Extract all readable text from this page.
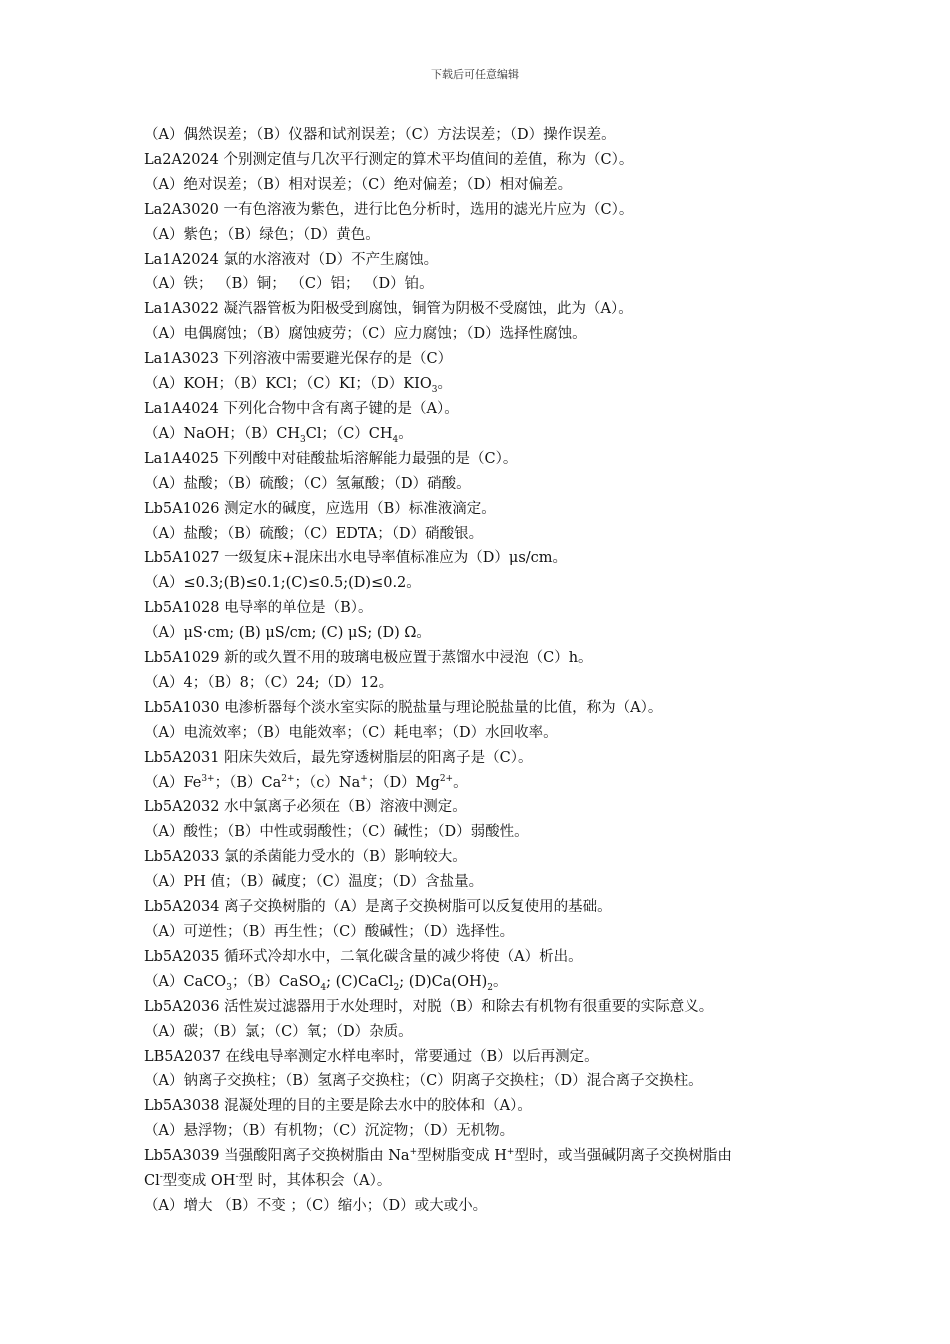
下载后可任意编辑
（A）偶然误差；（B）仪器和试剂误差；（C）方法误差；（D）操作误差。
La2A2024 个别测定值与几次平行测定的算术平均值间的差值，称为（C）。
（A）绝对误差；（B）相对误差；（C）绝对偏差；（D）相对偏差。
La2A3020 一有色溶液为紫色，进行比色分析时，选用的滤光片应为（C）。
（A）紫色；（B）绿色；（D）黄色。
La1A2024 氯的水溶液对（D）不产生腐蚀。
（A）铁； （B）铜； （C）铝； （D）铂。
La1A3022 凝汽器管板为阳极受到腐蚀，铜管为阴极不受腐蚀，此为（A）。
（A）电偶腐蚀；（B）腐蚀疲劳；（C）应力腐蚀；（D）选择性腐蚀。
La1A3023 下列溶液中需要避光保存的是（C）
（A）KOH；（B）KCl；（C）KI；$(D)KIO_3$。
La1A4024 下列化合物中含有离子键的是（A）。
（A）NaOH；$(B)CH_3Cl$；$(C)CH_4$。
La1A4025 下列酸中对硅酸盐垢溶解能力最强的是（C）。
（A）盐酸；（B）硫酸；（C）氢氟酸；（D）硝酸。
Lb5A1026 测定水的碱度，应选用（B）标准液滴定。
（A）盐酸；（B）硫酸；（C）EDTA；（D）硝酸银。
Lb5A1027 一级复床+混床出水电导率值标准应为（D）μs/cm。
（A）≤0.3;(B)≤0.1;(C)≤0.5;(D)≤0.2。
Lb5A1028 电导率的单位是（B）。
（A）μS·cm; (B) μS/cm; (C) μS; (D) Ω。
Lb5A1029 新的或久置不用的玻璃电极应置于蒸馏水中浸泡（C）h。
（A）4；（B）8；（C）24;（D）12。
Lb5A1030 电渗析器每个淡水室实际的脱盐量与理论脱盐量的比值，称为（A）。
（A）电流效率；（B）电能效率；（C）耗电率；（D）水回收率。
Lb5A2031 阳床失效后，最先穿透树脂层的阳离子是（C）。
$(A)Fe^{3+}$；$(B)Ca^{2+}$；（c）Na+；$(D)Mg^{2+}$。
Lb5A2032 水中氯离子必须在（B）溶液中测定。
（A）酸性；（B）中性或弱酸性；（C）碱性；（D）弱酸性。
Lb5A2033 氯的杀菌能力受水的（B）影响较大。
（A）PH 值；（B）碱度；（C）温度；（D）含盐量。
Lb5A2034 离子交换树脂的（A）是离子交换树脂可以反复使用的基础。
（A）可逆性；（B）再生性；（C）酸碱性；（D）选择性。
Lb5A2035 循环式冷却水中，二氧化碳含量的减少将使（A）析出。
（A）CaCO$_3$；（B）CaSO$_4$; (C)CaCl$_2$; $(D)Ca(OH)_2$。
Lb5A2036 活性炭过滤器用于水处理时，对脱（B）和除去有机物有很重要的实际意义。
（A）碳；（B）氯；（C）氧；（D）杂质。
LB5A2037 在线电导率测定水样电率时，常要通过（B）以后再测定。
（A）钠离子交换柱；（B）氢离子交换柱；（C）阴离子交换柱；（D）混合离子交换柱。
Lb5A3038 混凝处理的目的主要是除去水中的胶体和（A）。
（A）悬浮物；（B）有机物；（C）沉淀物；（D）无机物。
Lb5A3039 当强酸阳离子交换树脂由 Na+型树脂变成 H+型时，或当强碱阴离子交换树脂由
Cl-型变成 OH-型 时，其体积会（A）。
（A）增大 （B）不变 ；（C）缩小；（D）或大或小。
